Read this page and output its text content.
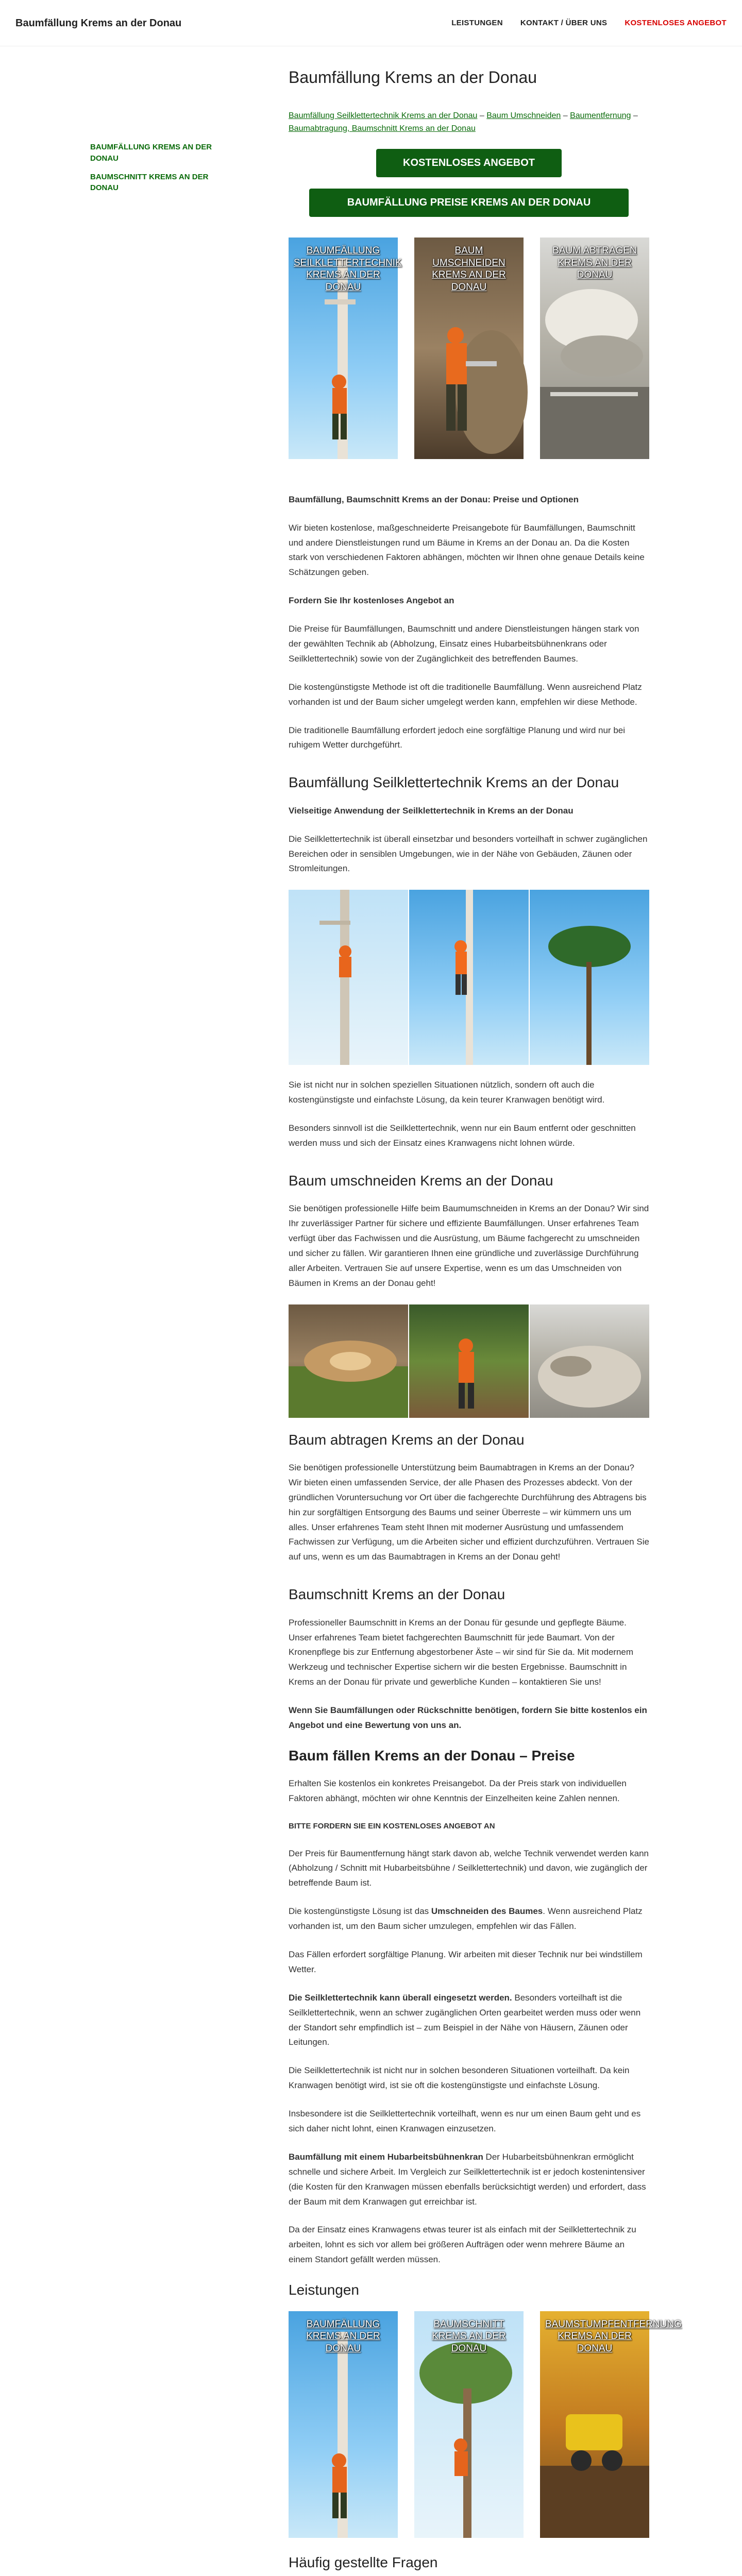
Baumfällung Krems an der Donau	LEISTUNGEN KONTAKT / ÜBER UNS KOSTENLOSES ANGEBOT
BAUMFÄLLUNG KREMS AN DER DONAU
BAUMSCHNITT KREMS AN DER DONAU
Baumfällung Krems an der Donau
Baumfällung Seilklettertechnik Krems an der Donau – Baum Umschneiden – Baumentfernung – Baumabtragung, Baumschnitt Krems an der Donau
KOSTENLOSES ANGEBOT
BAUMFÄLLUNG PREISE KREMS AN DER DONAU
BAUMFÄLLUNG SEILKLETTERTECHNIK KREMS AN DER DONAU
BAUM UMSCHNEIDEN KREMS AN DER DONAU
BAUM ABTRAGEN KREMS AN DER DONAU

Baumfällung, Baumschnitt Krems an der Donau: Preise und Optionen

Wir bieten kostenlose, maßgeschneiderte Preisangebote für Baumfällungen, Baumschnitt und andere Dienstleistungen rund um Bäume in Krems an der Donau an. Da die Kosten stark von verschiedenen Faktoren abhängen, möchten wir Ihnen ohne genaue Details keine Schätzungen geben.

Fordern Sie Ihr kostenloses Angebot an

Die Preise für Baumfällungen, Baumschnitt und andere Dienstleistungen hängen stark von der gewählten Technik ab (Abholzung, Einsatz eines Hubarbeitsbühnenkrans oder Seilklettertechnik) sowie von der Zugänglichkeit des betreffenden Baumes.

Die kostengünstigste Methode ist oft die traditionelle Baumfällung. Wenn ausreichend Platz vorhanden ist und der Baum sicher umgelegt werden kann, empfehlen wir diese Methode.

Die traditionelle Baumfällung erfordert jedoch eine sorgfältige Planung und wird nur bei ruhigem Wetter durchgeführt.

Baumfällung Seilklettertechnik Krems an der Donau

Vielseitige Anwendung der Seilklettertechnik in Krems an der Donau

Die Seilklettertechnik ist überall einsetzbar und besonders vorteilhaft in schwer zugänglichen Bereichen oder in sensiblen Umgebungen, wie in der Nähe von Gebäuden, Zäunen oder Stromleitungen.

Sie ist nicht nur in solchen speziellen Situationen nützlich, sondern oft auch die kostengünstigste und einfachste Lösung, da kein teurer Kranwagen benötigt wird.

Besonders sinnvoll ist die Seilklettertechnik, wenn nur ein Baum entfernt oder geschnitten werden muss und sich der Einsatz eines Kranwagens nicht lohnen würde.

Baum umschneiden Krems an der Donau

Sie benötigen professionelle Hilfe beim Baumumschneiden in Krems an der Donau? Wir sind Ihr zuverlässiger Partner für sichere und effiziente Baumfällungen. Unser erfahrenes Team verfügt über das Fachwissen und die Ausrüstung, um Bäume fachgerecht zu umschneiden und sicher zu fällen. Wir garantieren Ihnen eine gründliche und zuverlässige Durchführung aller Arbeiten. Vertrauen Sie auf unsere Expertise, wenn es um das Umschneiden von Bäumen in Krems an der Donau geht!

Baum abtragen Krems an der Donau

Sie benötigen professionelle Unterstützung beim Baumabtragen in Krems an der Donau? Wir bieten einen umfassenden Service, der alle Phasen des Prozesses abdeckt. Von der gründlichen Voruntersuchung vor Ort über die fachgerechte Durchführung des Abtragens bis hin zur sorgfältigen Entsorgung des Baums und seiner Überreste – wir kümmern uns um alles. Unser erfahrenes Team steht Ihnen mit moderner Ausrüstung und umfassendem Fachwissen zur Verfügung, um die Arbeiten sicher und effizient durchzuführen. Vertrauen Sie auf uns, wenn es um das Baumabtragen in Krems an der Donau geht!

Baumschnitt Krems an der Donau

Professioneller Baumschnitt in Krems an der Donau für gesunde und gepflegte Bäume. Unser erfahrenes Team bietet fachgerechten Baumschnitt für jede Baumart. Von der Kronenpflege bis zur Entfernung abgestorbener Äste – wir sind für Sie da. Mit modernem Werkzeug und technischer Expertise sichern wir die besten Ergebnisse. Baumschnitt in Krems an der Donau für private und gewerbliche Kunden – kontaktieren Sie uns!

Wenn Sie Baumfällungen oder Rückschnitte benötigen, fordern Sie bitte kostenlos ein Angebot und eine Bewertung von uns an.

Baum fällen Krems an der Donau – Preise

Erhalten Sie kostenlos ein konkretes Preisangebot. Da der Preis stark von individuellen Faktoren abhängt, möchten wir ohne Kenntnis der Einzelheiten keine Zahlen nennen.

BITTE FORDERN SIE EIN KOSTENLOSES ANGEBOT AN

Der Preis für Baumentfernung hängt stark davon ab, welche Technik verwendet werden kann (Abholzung / Schnitt mit Hubarbeitsbühne / Seilklettertechnik) und davon, wie zugänglich der betreffende Baum ist.

Die kostengünstigste Lösung ist das Umschneiden des Baumes. Wenn ausreichend Platz vorhanden ist, um den Baum sicher umzulegen, empfehlen wir das Fällen.

Das Fällen erfordert sorgfältige Planung. Wir arbeiten mit dieser Technik nur bei windstillem Wetter.

Die Seilklettertechnik kann überall eingesetzt werden. Besonders vorteilhaft ist die Seilklettertechnik, wenn an schwer zugänglichen Orten gearbeitet werden muss oder wenn der Standort sehr empfindlich ist – zum Beispiel in der Nähe von Häusern, Zäunen oder Leitungen.

Die Seilklettertechnik ist nicht nur in solchen besonderen Situationen vorteilhaft. Da kein Kranwagen benötigt wird, ist sie oft die kostengünstigste und einfachste Lösung.

Insbesondere ist die Seilklettertechnik vorteilhaft, wenn es nur um einen Baum geht und es sich daher nicht lohnt, einen Kranwagen einzusetzen.

Baumfällung mit einem Hubarbeitsbühnenkran Der Hubarbeitsbühnenkran ermöglicht schnelle und sichere Arbeit. Im Vergleich zur Seilklettertechnik ist er jedoch kostenintensiver (die Kosten für den Kranwagen müssen ebenfalls berücksichtigt werden) und erfordert, dass der Baum mit dem Kranwagen gut erreichbar ist.

Da der Einsatz eines Kranwagens etwas teurer ist als einfach mit der Seilklettertechnik zu arbeiten, lohnt es sich vor allem bei größeren Aufträgen oder wenn mehrere Bäume an einem Standort gefällt werden müssen.

Leistungen
BAUMFÄLLUNG KREMS AN DER DONAU
BAUMSCHNITT KREMS AN DER DONAU
BAUMSTUMPFENTFERNUNG KREMS AN DER DONAU
Häufig gestellte Fragen
